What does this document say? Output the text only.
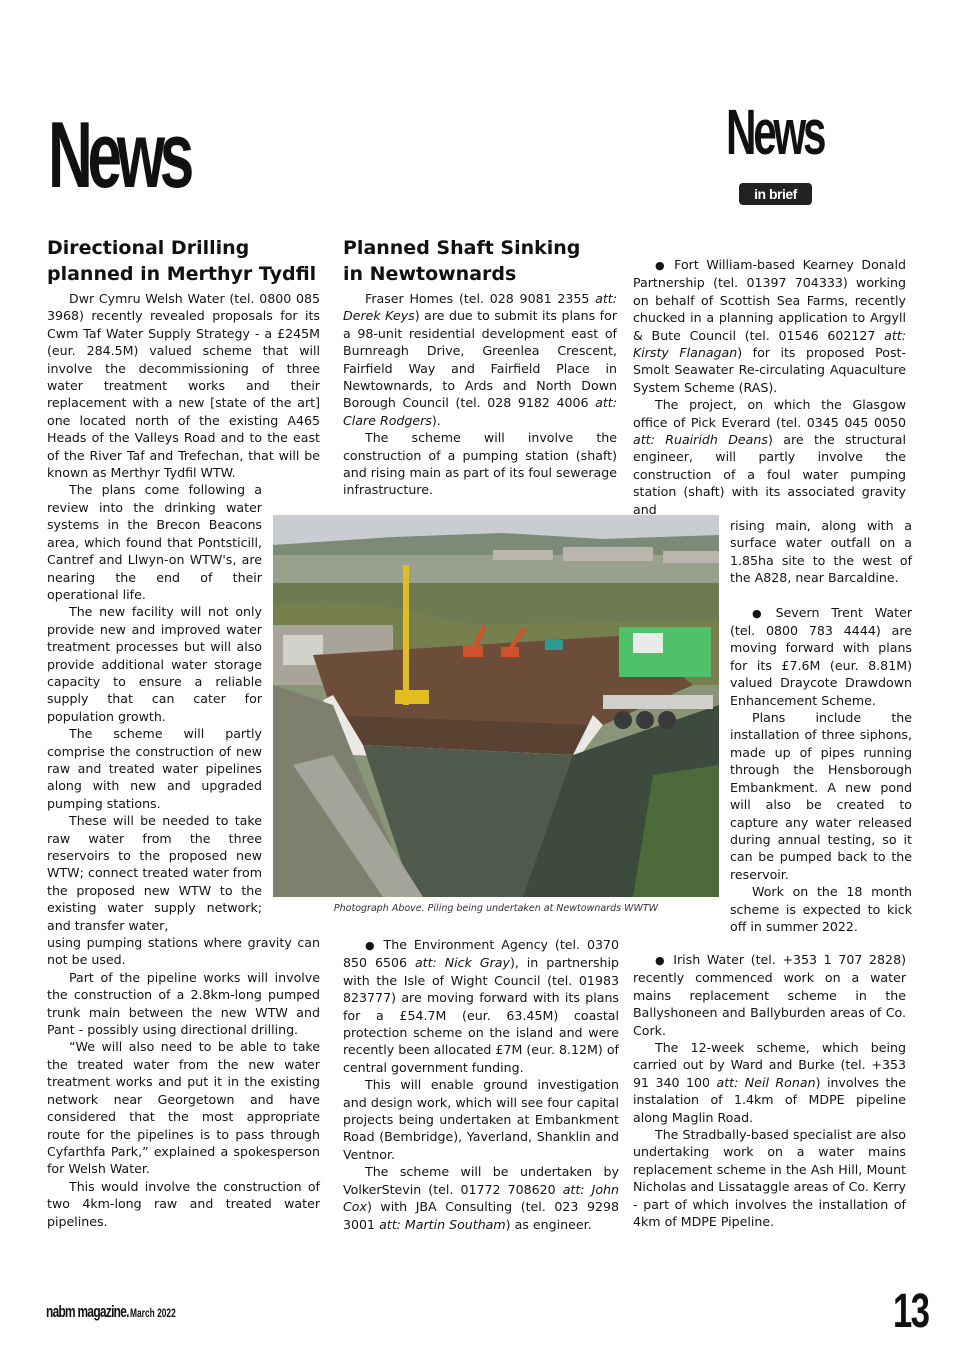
News	News
in brief
Directional Drilling
planned in Merthyr Tydfil

Dwr Cymru Welsh Water (tel. 0800 085 3968) recently revealed proposals for its Cwm Taf Water Supply Strategy - a £245M (eur. 284.5M) valued scheme that will involve the decommissioning of three water treatment works and their replacement with a new [state of the art] one located north of the existing A465 Heads of the Valleys Road and to the east of the River Taf and Trefechan, that will be known as Merthyr Tydfil WTW.

The plans come following a review into the drinking water systems in the Brecon Beacons area, which found that Pontsticill, Cantref and Llwyn-on WTW's, are nearing the end of their operational life.

The new facility will not only provide new and improved water treatment processes but will also provide additional water storage capacity to ensure a reliable supply that can cater for population growth.

The scheme will partly comprise the construction of new raw and treated water pipelines along with new and upgraded pumping stations.

These will be needed to take raw water from the three reservoirs to the proposed new WTW; connect treated water from the proposed new WTW to the existing water supply network; and transfer water,

using pumping stations where gravity can not be used.

Part of the pipeline works will involve the construction of a 2.8km-long pumped trunk main between the new WTW and Pant - possibly using directional drilling.

“We will also need to be able to take the treated water from the new water treatment works and put it in the existing network near Georgetown and have considered that the most appropriate route for the pipelines is to pass through Cyfarthfa Park,” explained a spokesperson for Welsh Water.

This would involve the construction of two 4km-long raw and treated water pipelines.

Planned Shaft Sinking
in Newtownards

Fraser Homes (tel. 028 9081 2355 att: Derek Keys) are due to submit its plans for a 98-unit residential development east of Burnreagh Drive, Greenlea Crescent, Fairfield Way and Fairfield Place in Newtownards, to Ards and North Down Borough Council (tel. 028 9182 4006 att: Clare Rodgers).

The scheme will involve the construction of a pumping station (shaft) and rising main as part of its foul sewerage infrastructure.

Photograph Above. Piling being undertaken at Newtownards WWTW

● The Environment Agency (tel. 0370 850 6506 att: Nick Gray), in partnership with the Isle of Wight Council (tel. 01983 823777) are moving forward with its plans for a £54.7M (eur. 63.45M) coastal protection scheme on the island and were recently been allocated £7M (eur. 8.12M) of central government funding.

This will enable ground investigation and design work, which will see four capital projects being undertaken at Embankment Road (Bembridge), Yaverland, Shanklin and Ventnor.

The scheme will be undertaken by VolkerStevin (tel. 01772 708620 att: John Cox) with JBA Consulting (tel. 023 9298 3001 att: Martin Southam) as engineer.

● Fort William-based Kearney Donald Partnership (tel. 01397 704333) working on behalf of Scottish Sea Farms, recently chucked in a planning application to Argyll & Bute Council (tel. 01546 602127 att: Kirsty Flanagan) for its proposed Post-Smolt Seawater Re-circulating Aquaculture System Scheme (RAS).

The project, on which the Glasgow office of Pick Everard (tel. 0345 045 0050 att: Ruairidh Deans) are the structural engineer, will partly involve the construction of a foul water pumping station (shaft) with its associated gravity and

rising main, along with a surface water outfall on a 1.85ha site to the west of the A828, near Barcaldine.

● Severn Trent Water (tel. 0800 783 4444) are moving forward with plans for its £7.6M (eur. 8.81M) valued Draycote Drawdown Enhancement Scheme.

Plans include the installation of three siphons, made up of pipes running through the Hensborough Embankment. A new pond will also be created to capture any water released during annual testing, so it can be pumped back to the reservoir.

Work on the 18 month scheme is expected to kick off in summer 2022.

● Irish Water (tel. +353 1 707 2828) recently commenced work on a water mains replacement scheme in the Ballyshoneen and Ballyburden areas of Co. Cork.

The 12-week scheme, which being carried out by Ward and Burke (tel. +353 91 340 100 att: Neil Ronan) involves the instalation of 1.4km of MDPE pipeline along Maglin Road.

The Stradbally-based specialist are also undertaking work on a water mains replacement scheme in the Ash Hill, Mount Nicholas and Lissataggle areas of Co. Kerry - part of which involves the installation of 4km of MDPE Pipeline.

nabm magazine. March 2022	13
